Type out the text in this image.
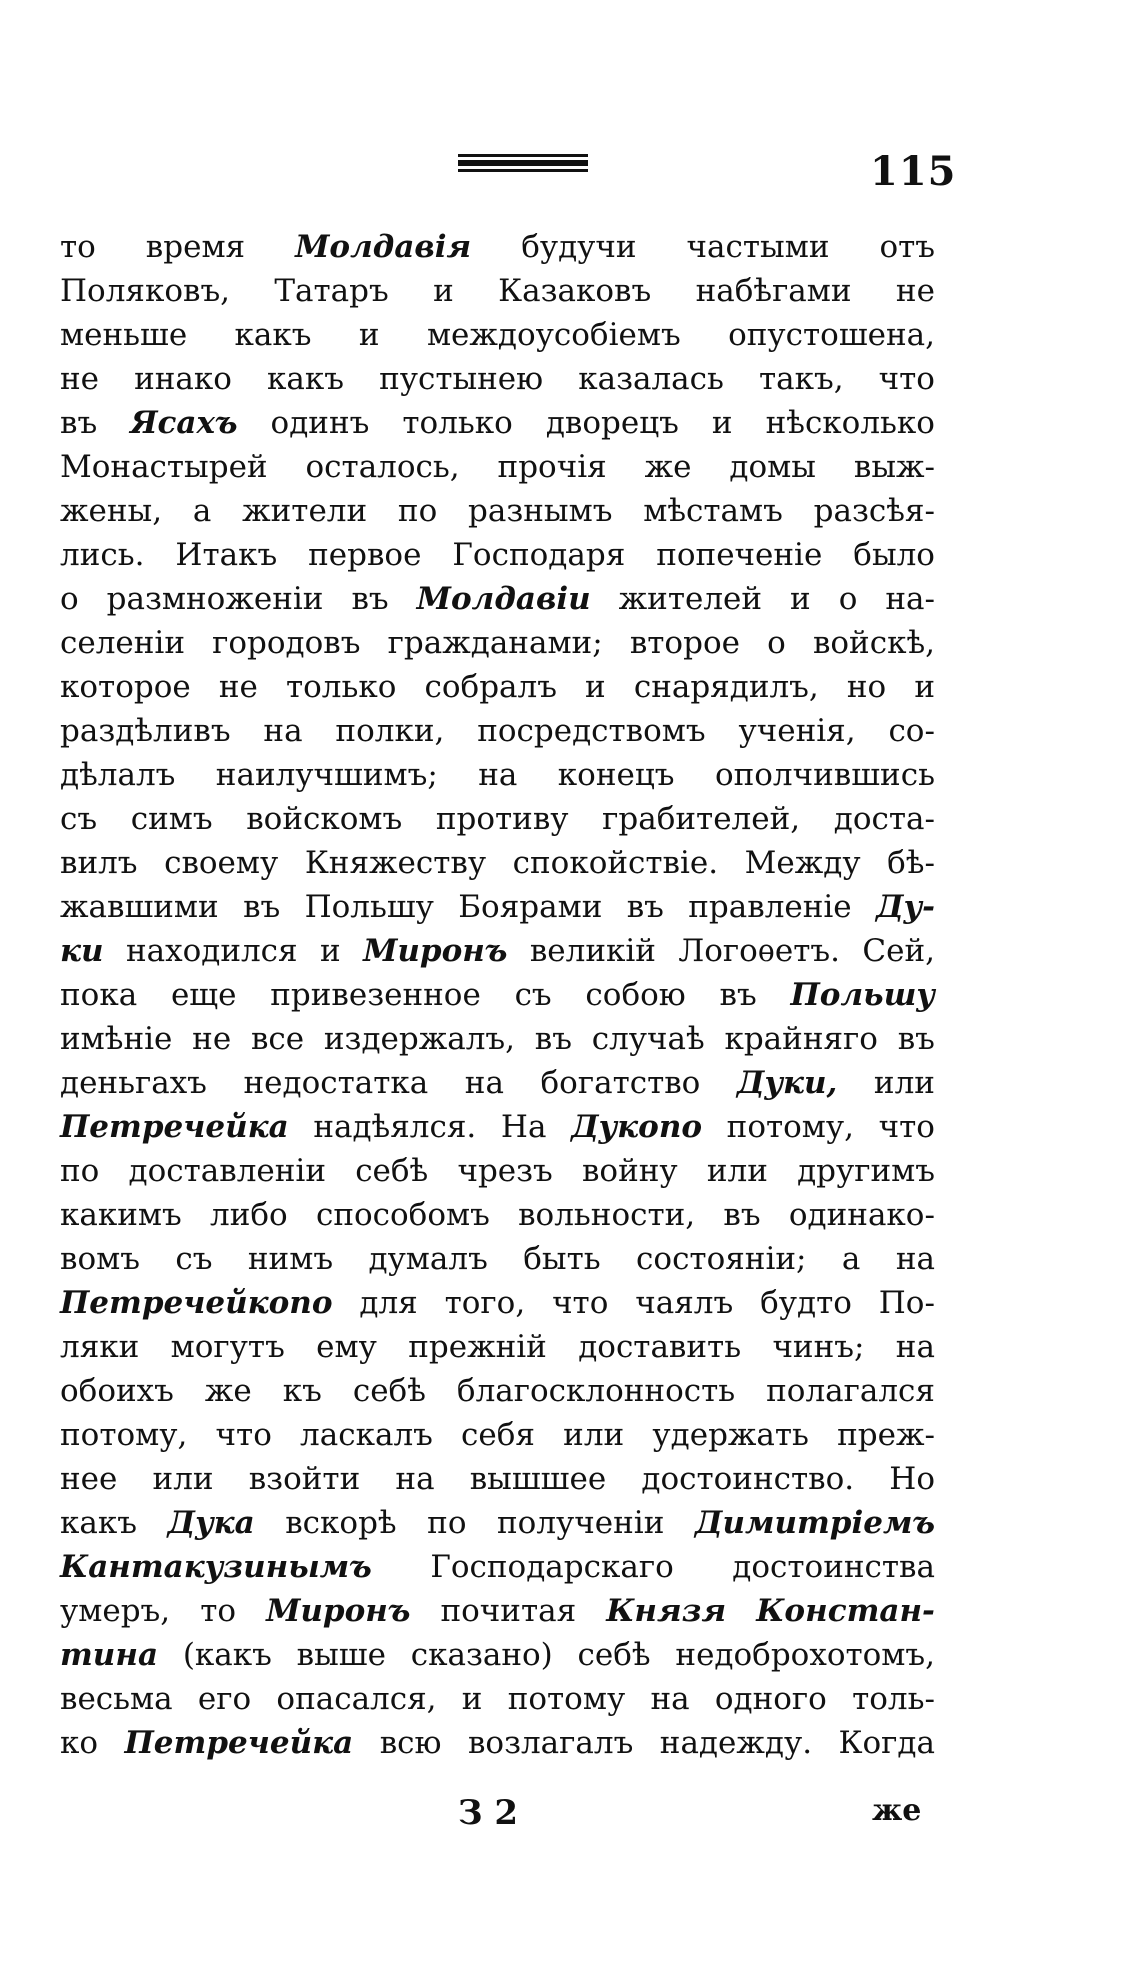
115
то время Молдавія будучи частыми отъ
Поляковъ, Татаръ и Казаковъ набѣгами не
меньше какъ и междоусобіемъ опустошена,
не инако какъ пустынею казалась такъ, что
въ Ясахъ одинъ только дворецъ и нѣсколько
Монастырей осталось, прочія же домы выж-
жены, а жители по разнымъ мѣстамъ разсѣя-
лись. Итакъ первое Господаря попеченіе было
о размноженіи въ Молдавіи жителей и о на-
селеніи городовъ гражданами; второе о войскѣ,
которое не только собралъ и снарядилъ, но и
раздѣливъ на полки, посредствомъ ученія, со-
дѣлалъ наилучшимъ; на конецъ ополчившись
съ симъ войскомъ противу грабителей, доста-
вилъ своему Княжеству спокойствіе. Между бѣ-
жавшими въ Польшу Боярами въ правленіе Ду-
ки находился и Миронъ великій Логоѳетъ. Сей,
пока еще привезенное съ собою въ Польшу
имѣніе не все издержалъ, въ случаѣ крайняго въ
деньгахъ недостатка на богатство Дуки, или
Петречейка надѣялся. На Дукопо потому, что
по доставленіи себѣ чрезъ войну или другимъ
какимъ либо способомъ вольности, въ одинако-
вомъ съ нимъ думалъ быть состояніи; а на
Петречейкопо для того, что чаялъ будто По-
ляки могутъ ему прежній доставить чинъ; на
обоихъ же къ себѣ благосклонность полагался
потому, что ласкалъ себя или удержать преж-
нее или взойти на вышшее достоинство. Но
какъ Дука вскорѣ по полученіи Димитріемъ
Кантакузинымъ Господарскаго достоинства
умеръ, то Миронъ почитая Князя Констан-
тина (какъ выше сказано) себѣ недоброхотомъ,
весьма его опасался, и потому на одного толь-
ко Петречейка всю возлагалъ надежду. Когда
З 2	же
